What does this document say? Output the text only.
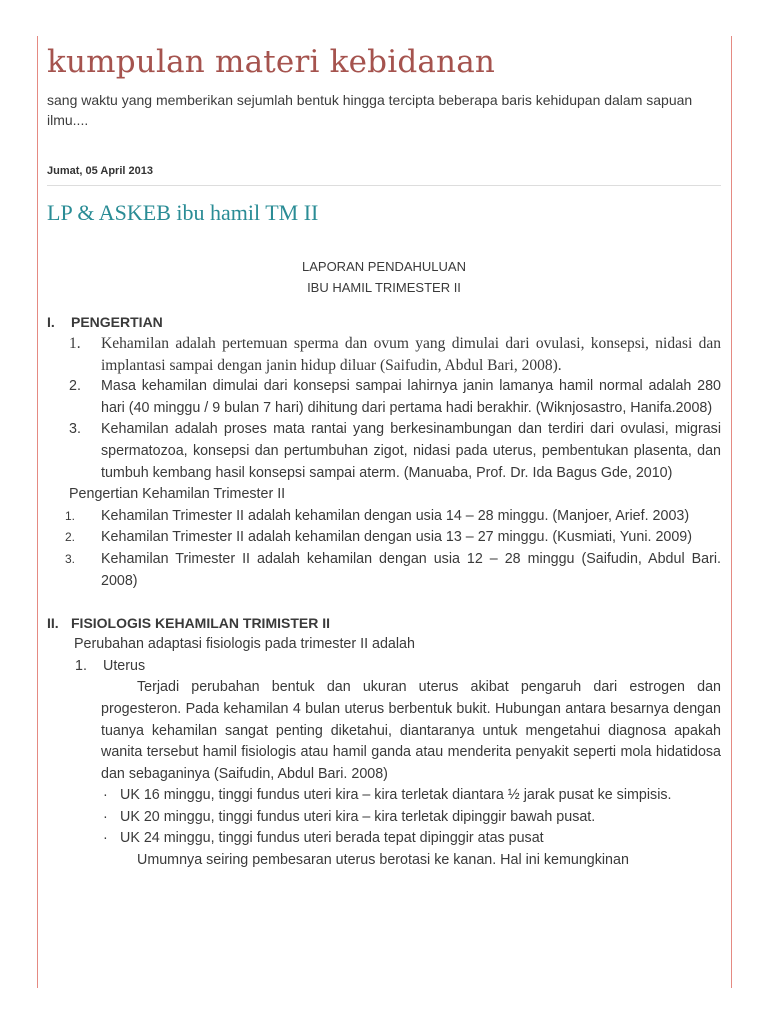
kumpulan materi kebidanan
sang waktu yang memberikan sejumlah bentuk hingga tercipta beberapa baris kehidupan dalam sapuan ilmu....
Jumat, 05 April 2013
LP & ASKEB ibu hamil TM II
LAPORAN PENDAHULUAN
IBU HAMIL TRIMESTER II
I. PENGERTIAN
1. Kehamilan adalah pertemuan sperma dan ovum yang dimulai dari ovulasi, konsepsi, nidasi dan implantasi sampai dengan janin hidup diluar (Saifudin, Abdul Bari, 2008).
2. Masa kehamilan dimulai dari konsepsi sampai lahirnya janin lamanya hamil normal adalah 280 hari (40 minggu / 9 bulan 7 hari) dihitung dari pertama hadi berakhir. (Wiknjosastro, Hanifa.2008)
3. Kehamilan adalah proses mata rantai yang berkesinambungan dan terdiri dari ovulasi, migrasi spermatozoa, konsepsi dan pertumbuhan zigot, nidasi pada uterus, pembentukan plasenta, dan tumbuh kembang hasil konsepsi sampai aterm. (Manuaba, Prof. Dr. Ida Bagus Gde, 2010)
Pengertian Kehamilan Trimester II
1. Kehamilan Trimester II adalah kehamilan dengan usia 14 – 28 minggu. (Manjoer, Arief. 2003)
2. Kehamilan Trimester II adalah kehamilan dengan usia 13 – 27 minggu. (Kusmiati, Yuni. 2009)
3. Kehamilan Trimester II adalah kehamilan dengan usia 12 – 28 minggu (Saifudin, Abdul Bari. 2008)
II. FISIOLOGIS KEHAMILAN TRIMISTER II
Perubahan adaptasi fisiologis pada trimester II adalah
1. Uterus
Terjadi perubahan bentuk dan ukuran uterus akibat pengaruh dari estrogen dan progesteron. Pada kehamilan 4 bulan uterus berbentuk bukit. Hubungan antara besarnya dengan tuanya kehamilan sangat penting diketahui, diantaranya untuk mengetahui diagnosa apakah wanita tersebut hamil fisiologis atau hamil ganda atau menderita penyakit seperti mola hidatidosa dan sebaganinya (Saifudin, Abdul Bari. 2008)
· UK 16 minggu, tinggi fundus uteri kira – kira terletak diantara ½ jarak pusat ke simpisis.
· UK 20 minggu, tinggi fundus uteri kira – kira terletak dipinggir bawah pusat.
· UK 24 minggu, tinggi fundus uteri berada tepat dipinggir atas pusat
Umumnya seiring pembesaran uterus berotasi ke kanan. Hal ini kemungkinan
